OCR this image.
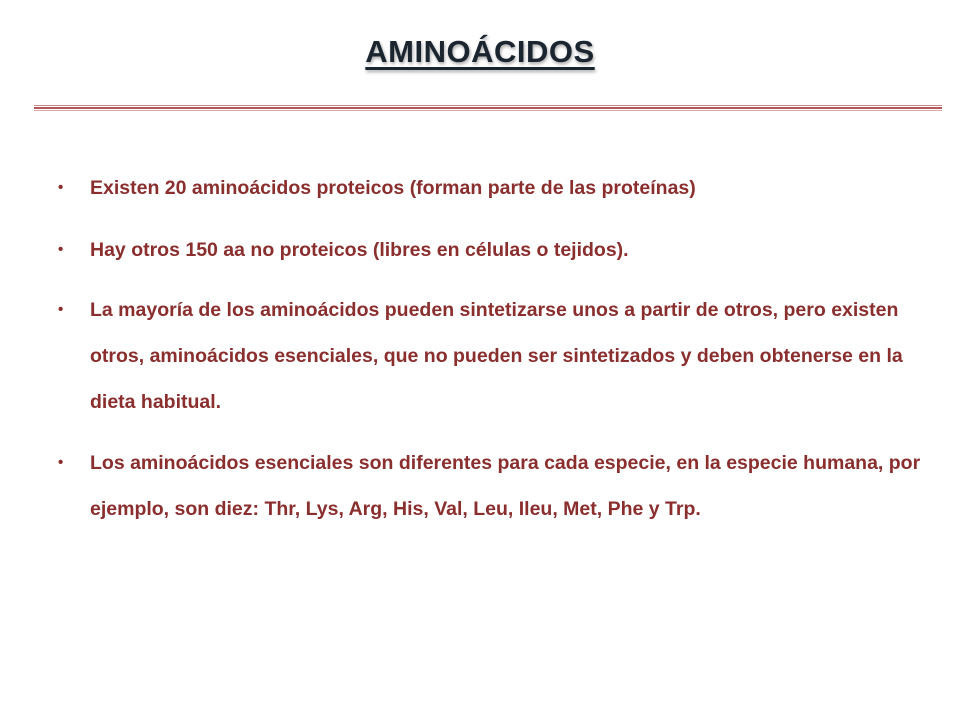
AMINOÁCIDOS
• Existen 20 aminoácidos proteicos (forman parte de las proteínas)
• Hay otros 150 aa no proteicos (libres en células o tejidos).
• La mayoría de los aminoácidos pueden sintetizarse unos a partir de otros, pero existen otros, aminoácidos esenciales, que no pueden ser sintetizados y deben obtenerse en la dieta habitual.
• Los aminoácidos esenciales son diferentes para cada especie, en la especie humana, por ejemplo, son diez: Thr, Lys, Arg, His, Val, Leu, Ileu, Met, Phe y Trp.
